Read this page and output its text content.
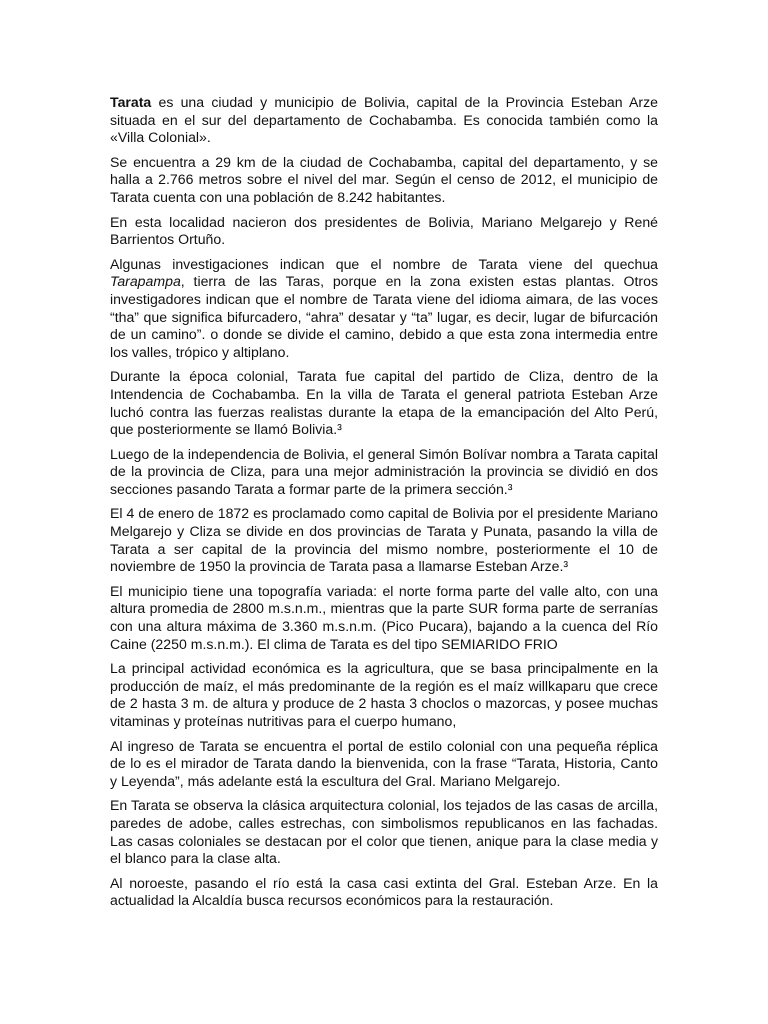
Tarata es una ciudad y municipio de Bolivia, capital de la Provincia Esteban Arze situada en el sur del departamento de Cochabamba. Es conocida también como la «Villa Colonial».

Se encuentra a 29 km de la ciudad de Cochabamba, capital del departamento, y se halla a 2.766 metros sobre el nivel del mar. Según el censo de 2012, el municipio de Tarata cuenta con una población de 8.242 habitantes.

En esta localidad nacieron dos presidentes de Bolivia, Mariano Melgarejo y René Barrientos Ortuño.

Algunas investigaciones indican que el nombre de Tarata viene del quechua Tarapampa, tierra de las Taras, porque en la zona existen estas plantas. Otros investigadores indican que el nombre de Tarata viene del idioma aimara, de las voces “tha” que significa bifurcadero, “ahra” desatar y “ta” lugar, es decir, lugar de bifurcación de un camino”. o donde se divide el camino, debido a que esta zona intermedia entre los valles, trópico y altiplano.

Durante la época colonial, Tarata fue capital del partido de Cliza, dentro de la Intendencia de Cochabamba. En la villa de Tarata el general patriota Esteban Arze luchó contra las fuerzas realistas durante la etapa de la emancipación del Alto Perú, que posteriormente se llamó Bolivia.³

Luego de la independencia de Bolivia, el general Simón Bolívar nombra a Tarata capital de la provincia de Cliza, para una mejor administración la provincia se dividió en dos secciones pasando Tarata a formar parte de la primera sección.³

El 4 de enero de 1872 es proclamado como capital de Bolivia por el presidente Mariano Melgarejo y Cliza se divide en dos provincias de Tarata y Punata, pasando la villa de Tarata a ser capital de la provincia del mismo nombre, posteriormente el 10 de noviembre de 1950 la provincia de Tarata pasa a llamarse Esteban Arze.³

El municipio tiene una topografía variada: el norte forma parte del valle alto, con una altura promedia de 2800 m.s.n.m., mientras que la parte SUR forma parte de serranías con una altura máxima de 3.360 m.s.n.m. (Pico Pucara), bajando a la cuenca del Río Caine (2250 m.s.n.m.). El clima de Tarata es del tipo SEMIARIDO FRIO

La principal actividad económica es la agricultura, que se basa principalmente en la producción de maíz, el más predominante de la región es el maíz willkaparu que crece de 2 hasta 3 m. de altura y produce de 2 hasta 3 choclos o mazorcas, y posee muchas vitaminas y proteínas nutritivas para el cuerpo humano,

Al ingreso de Tarata se encuentra el portal de estilo colonial con una pequeña réplica de lo es el mirador de Tarata dando la bienvenida, con la frase “Tarata, Historia, Canto y Leyenda”, más adelante está la escultura del Gral. Mariano Melgarejo.

En Tarata se observa la clásica arquitectura colonial, los tejados de las casas de arcilla, paredes de adobe, calles estrechas, con simbolismos republicanos en las fachadas. Las casas coloniales se destacan por el color que tienen, anique para la clase media y el blanco para la clase alta.

Al noroeste, pasando el río está la casa casi extinta del Gral. Esteban Arze. En la actualidad la Alcaldía busca recursos económicos para la restauración.
